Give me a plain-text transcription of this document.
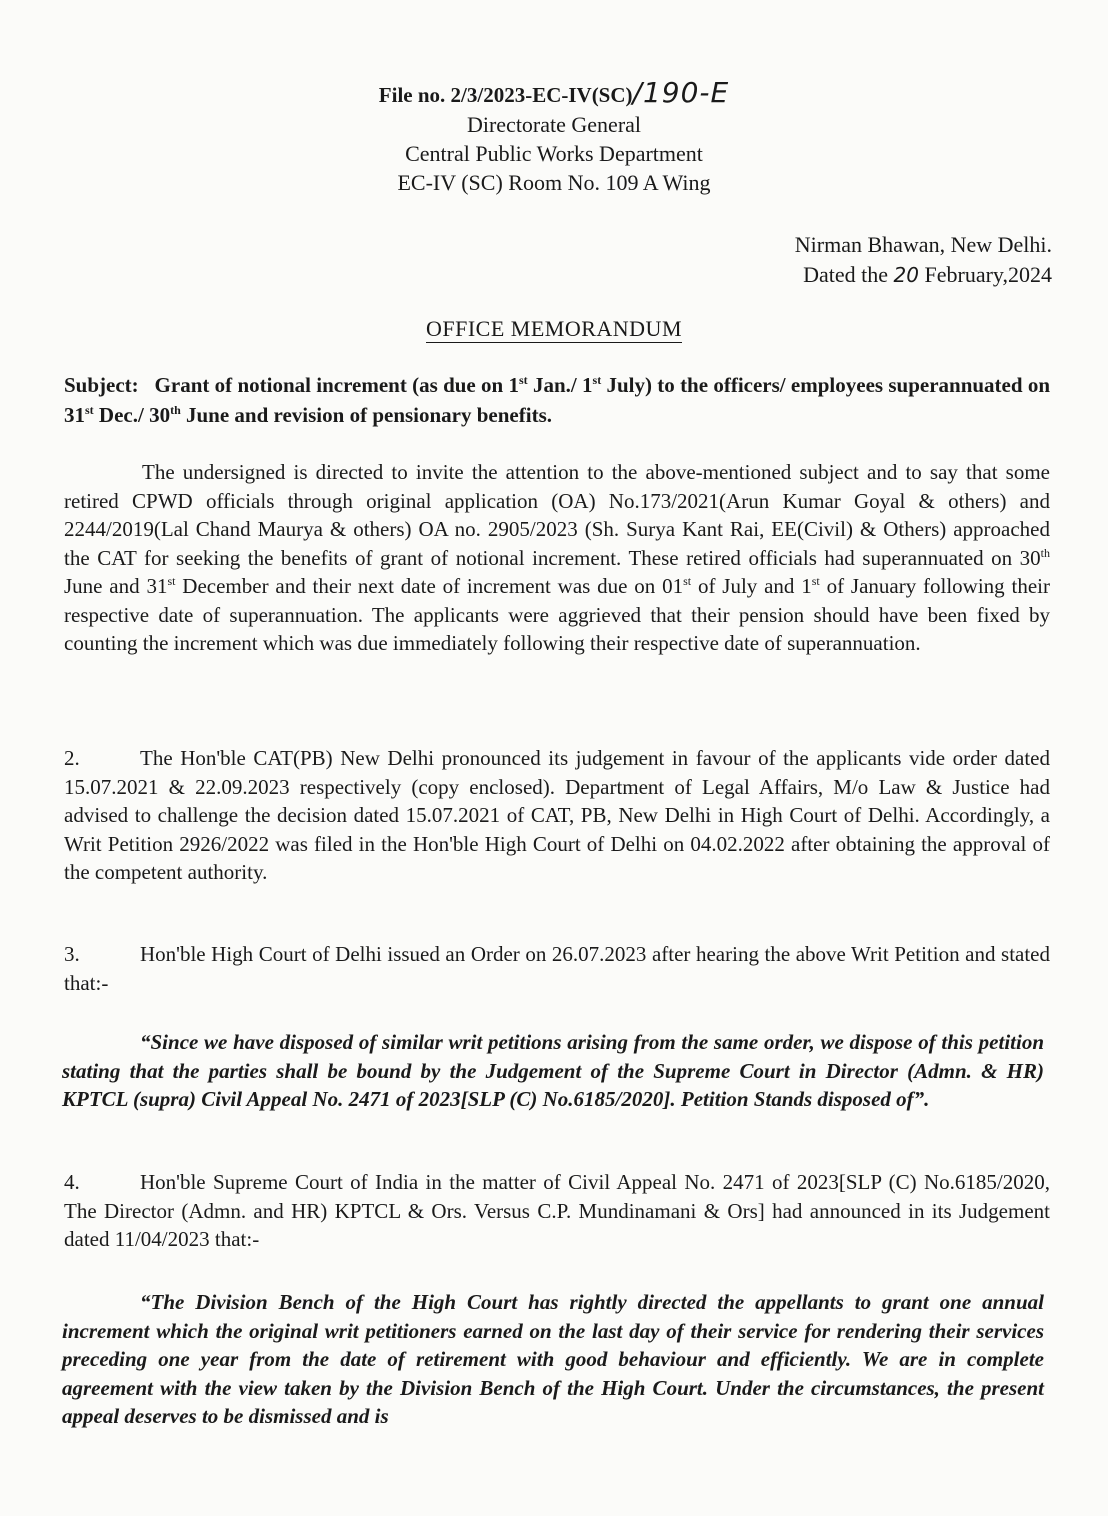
File no. 2/3/2023-EC-IV(SC)/190-E
Directorate General
Central Public Works Department
EC-IV (SC) Room No. 109 A Wing
Nirman Bhawan, New Delhi.
Dated the 20 February,2024
OFFICE MEMORANDUM
Subject: Grant of notional increment (as due on 1st Jan./ 1st July) to the officers/ employees superannuated on 31st Dec./ 30th June and revision of pensionary benefits.
The undersigned is directed to invite the attention to the above-mentioned subject and to say that some retired CPWD officials through original application (OA) No.173/2021(Arun Kumar Goyal & others) and 2244/2019(Lal Chand Maurya & others) OA no. 2905/2023 (Sh. Surya Kant Rai, EE(Civil) & Others) approached the CAT for seeking the benefits of grant of notional increment. These retired officials had superannuated on 30th June and 31st December and their next date of increment was due on 01st of July and 1st of January following their respective date of superannuation. The applicants were aggrieved that their pension should have been fixed by counting the increment which was due immediately following their respective date of superannuation.
2.	The Hon'ble CAT(PB) New Delhi pronounced its judgement in favour of the applicants vide order dated 15.07.2021 & 22.09.2023 respectively (copy enclosed). Department of Legal Affairs, M/o Law & Justice had advised to challenge the decision dated 15.07.2021 of CAT, PB, New Delhi in High Court of Delhi. Accordingly, a Writ Petition 2926/2022 was filed in the Hon'ble High Court of Delhi on 04.02.2022 after obtaining the approval of the competent authority.
3.	Hon'ble High Court of Delhi issued an Order on 26.07.2023 after hearing the above Writ Petition and stated that:-
“Since we have disposed of similar writ petitions arising from the same order, we dispose of this petition stating that the parties shall be bound by the Judgement of the Supreme Court in Director (Admn. & HR) KPTCL (supra) Civil Appeal No. 2471 of 2023[SLP (C) No.6185/2020]. Petition Stands disposed of”.
4.	Hon'ble Supreme Court of India in the matter of Civil Appeal No. 2471 of 2023[SLP (C) No.6185/2020, The Director (Admn. and HR) KPTCL & Ors. Versus C.P. Mundinamani & Ors] had announced in its Judgement dated 11/04/2023 that:-
“The Division Bench of the High Court has rightly directed the appellants to grant one annual increment which the original writ petitioners earned on the last day of their service for rendering their services preceding one year from the date of retirement with good behaviour and efficiently. We are in complete agreement with the view taken by the Division Bench of the High Court. Under the circumstances, the present appeal deserves to be dismissed and is
